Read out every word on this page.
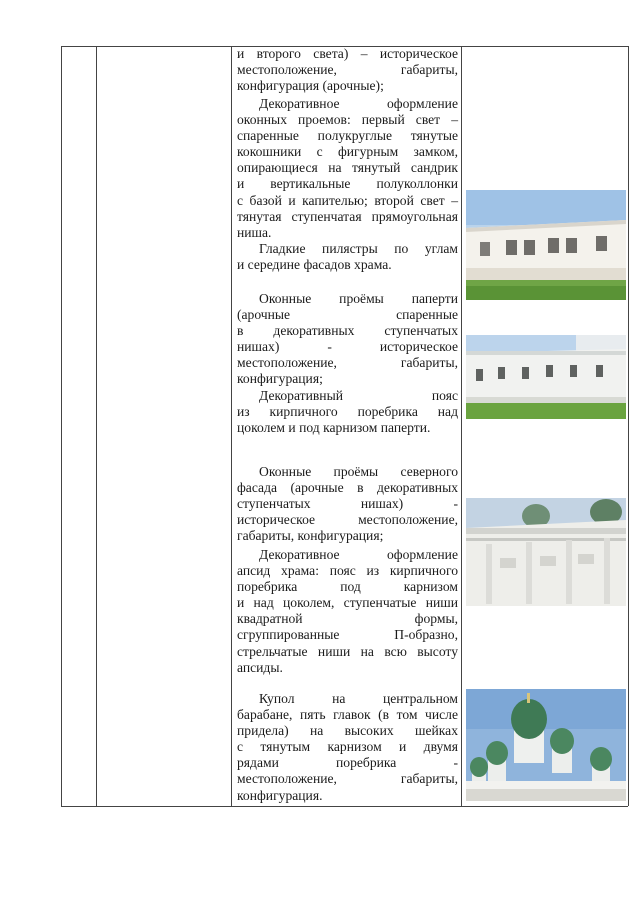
и второго света) – историческое
местоположение, габариты,
конфигурация (арочные);
Декоративное оформление
оконных проемов: первый свет –
спаренные полукруглые тянутые
кокошники с фигурным замком,
опирающиеся на тянутый сандрик
и вертикальные полуколлонки
с базой и капителью; второй свет –
тянутая ступенчатая прямоугольная
ниша.
Гладкие пилястры по углам
и середине фасадов храма.
Оконные проёмы паперти
(арочные спаренные
в декоративных ступенчатых
нишах) - историческое
местоположение, габариты,
конфигурация;
Декоративный пояс
из кирпичного поребрика над
цоколем и под карнизом паперти.
Оконные проёмы северного
фасада (арочные в декоративных
ступенчатых нишах) -
историческое местоположение,
габариты, конфигурация;
Декоративное оформление
апсид храма: пояс из кирпичного
поребрика под карнизом
и над цоколем, ступенчатые ниши
квадратной формы,
сгруппированные П-образно,
стрельчатые ниши на всю высоту
апсиды.
Купол на центральном
барабане, пять главок (в том числе
придела) на высоких шейках
с тянутым карнизом и двумя
рядами поребрика -
местоположение, габариты,
конфигурация.
